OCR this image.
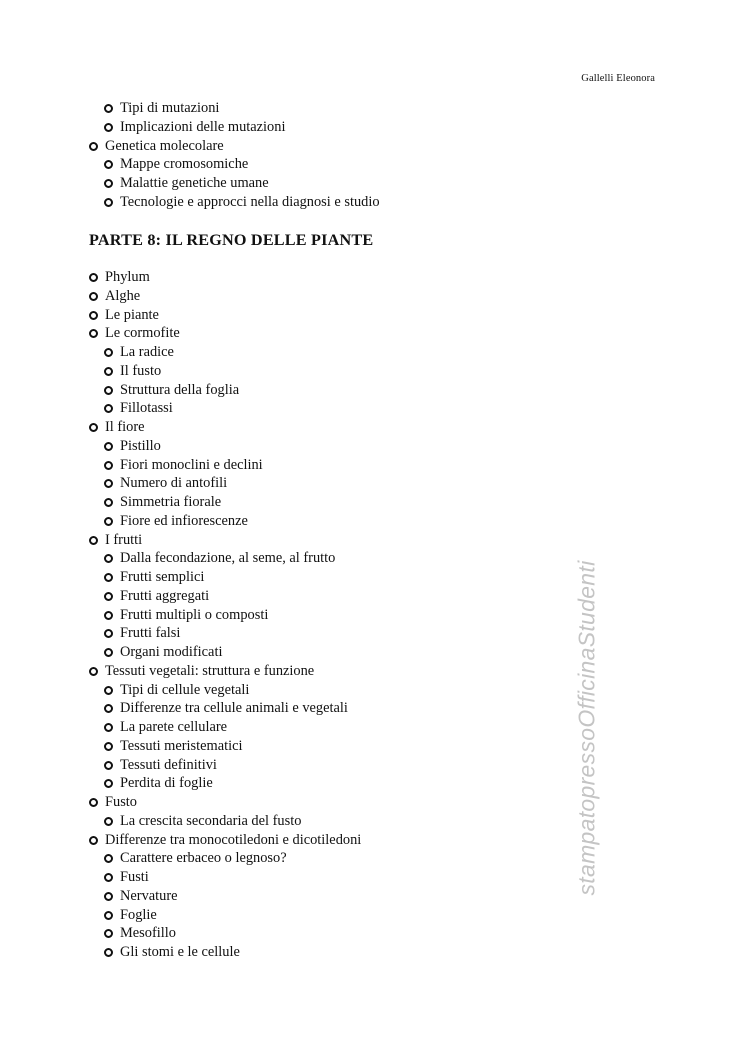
Gallelli Eleonora
Tipi di mutazioni
Implicazioni delle mutazioni
Genetica molecolare
Mappe cromosomiche
Malattie genetiche umane
Tecnologie e approcci nella diagnosi e studio
PARTE 8: IL REGNO DELLE PIANTE
Phylum
Alghe
Le piante
Le cormofite
La radice
Il fusto
Struttura della foglia
Fillotassi
Il fiore
Pistillo
Fiori monoclini e declini
Numero di antofili
Simmetria fiorale
Fiore ed infiorescenze
I frutti
Dalla fecondazione, al seme, al frutto
Frutti semplici
Frutti aggregati
Frutti multipli o composti
Frutti falsi
Organi modificati
Tessuti vegetali: struttura e funzione
Tipi di cellule vegetali
Differenze tra cellule animali e vegetali
La parete cellulare
Tessuti meristematici
Tessuti definitivi
Perdita di foglie
Fusto
La crescita secondaria del fusto
Differenze tra monocotiledoni e dicotiledoni
Carattere erbaceo o legnoso?
Fusti
Nervature
Foglie
Mesofillo
Gli stomi e le cellule
stampatopressoOfficinaStudenti
